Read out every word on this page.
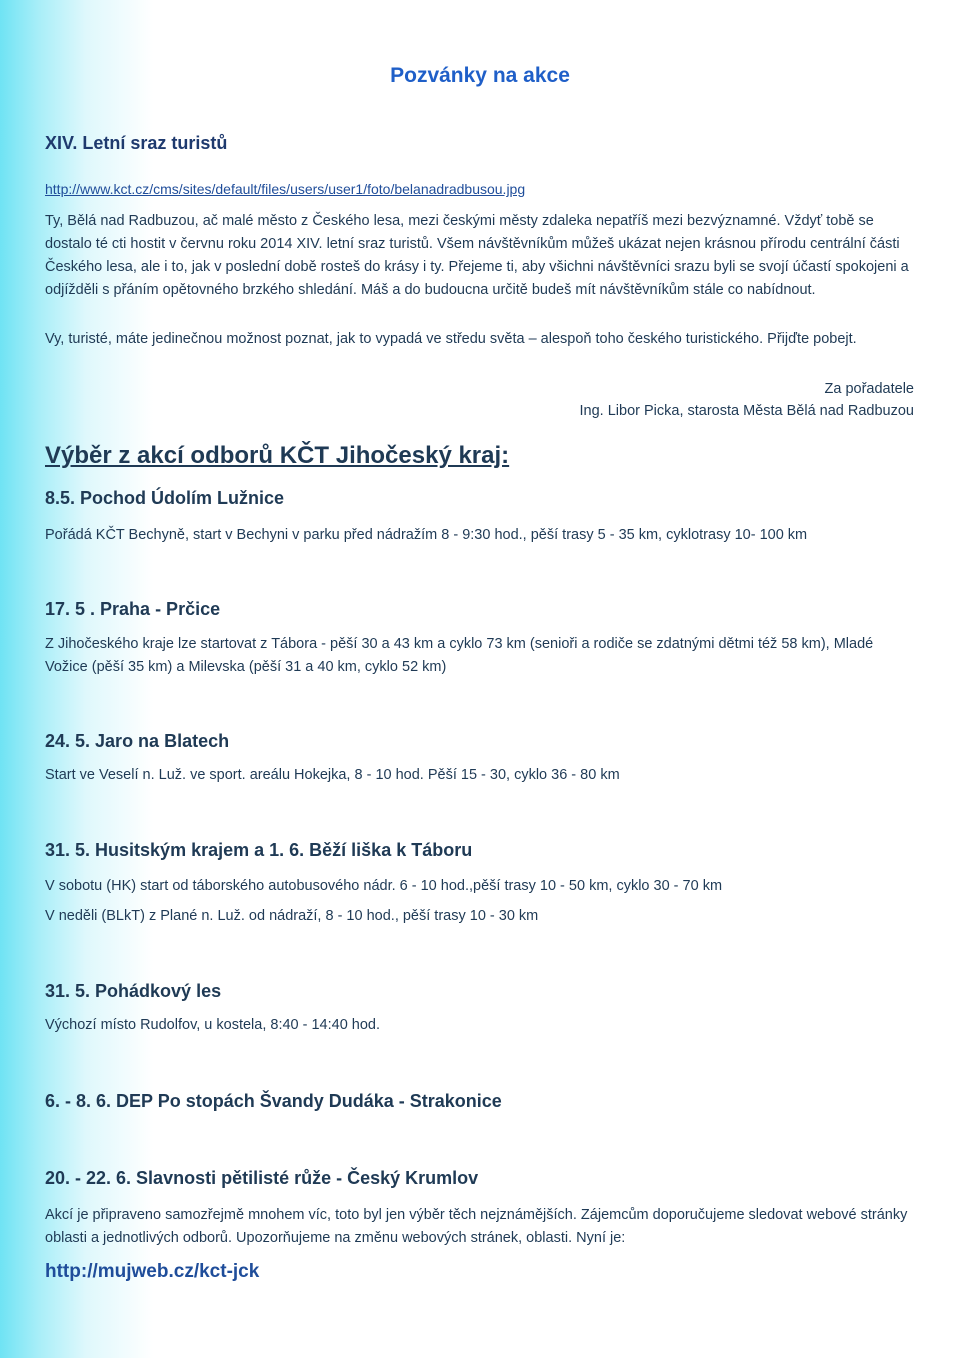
Pozvánky na akce
XIV. Letní sraz turistů
http://www.kct.cz/cms/sites/default/files/users/user1/foto/belanadradbusou.jpg

Ty, Bělá nad Radbuzou, ač malé město z Českého lesa, mezi českými městy zdaleka nepatříš mezi bezvýznamné. Vždyť tobě se dostalo té cti hostit v červnu roku 2014 XIV. letní sraz turistů. Všem návštěvníkům můžeš ukázat nejen krásnou přírodu centrální části Českého lesa, ale i to, jak v poslední době rosteš do krásy i ty. Přejeme ti, aby všichni návštěvníci srazu byli se svojí účastí spokojeni a odjížděli s přáním opětovného brzkého shledání. Máš a do budoucna určitě budeš mít návštěvníkům stále co nabídnout.

Vy, turisté, máte jedinečnou možnost poznat, jak to vypadá ve středu světa – alespoň toho českého turistického. Přijďte pobejt.

Za pořadatele
Ing. Libor Picka, starosta Města Bělá nad Radbuzou
Výběr z akcí odborů KČT Jihočeský kraj:
8.5. Pochod Údolím Lužnice
Pořádá KČT Bechyně, start v Bechyni v parku před nádražím 8 - 9:30 hod., pěší trasy 5 - 35 km, cyklotrasy 10- 100 km
17. 5 . Praha - Prčice
Z Jihočeského kraje lze startovat z Tábora - pěší 30 a 43 km a cyklo 73 km (senioři a rodiče se zdatnými dětmi též 58 km), Mladé Vožice (pěší 35 km) a Milevska (pěší 31 a 40 km, cyklo 52 km)
24. 5. Jaro na Blatech
Start ve Veselí n. Luž. ve sport. areálu Hokejka, 8 - 10 hod. Pěší 15 - 30, cyklo 36 - 80 km
31. 5. Husitským krajem a 1. 6. Běží liška k Táboru
V sobotu (HK) start od táborského autobusového nádr. 6 - 10 hod.,pěší trasy 10 - 50 km, cyklo 30 - 70 km
V neděli (BLkT) z Plané n. Luž. od nádraží, 8 - 10 hod., pěší trasy 10 - 30 km
31. 5. Pohádkový les
Výchozí místo Rudolfov, u kostela, 8:40 - 14:40 hod.
6. - 8. 6. DEP Po stopách Švandy Dudáka - Strakonice
20. - 22. 6. Slavnosti pětilisté růže - Český Krumlov
Akcí je připraveno samozřejmě mnohem víc, toto byl jen výběr těch nejznámějších. Zájemcům doporučujeme sledovat webové stránky oblasti a jednotlivých odborů. Upozorňujeme na změnu webových stránek, oblasti. Nyní je:
http://mujweb.cz/kct-jck
